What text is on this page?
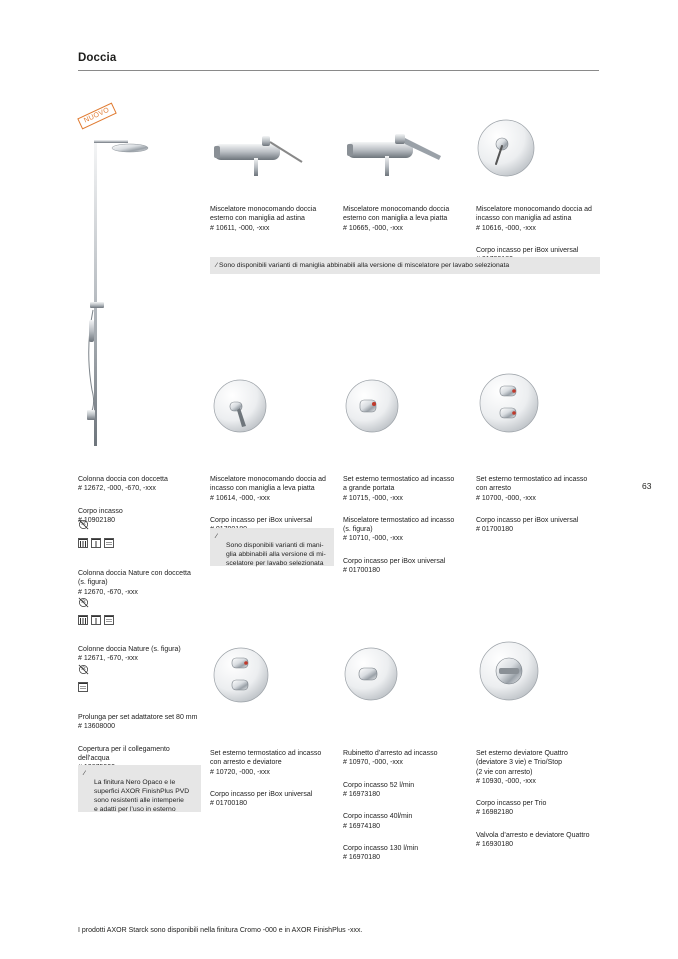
Doccia
NUOVO

Miscelatore monocomando doccia
esterno con maniglia ad astina
# 10611, -000, -xxx

Miscelatore monocomando doccia
esterno con maniglia a leva piatta
# 10665, -000, -xxx

Miscelatore monocomando doccia ad
incasso con maniglia ad astina
# 10616, -000, -xxx

Corpo incasso per iBox universal

⁄ Sono disponibili varianti di maniglia abbinabili alla versione di miscelatore per lavabo selezionata

Colonna doccia con doccetta
# 12672, -000, -670, -xxx

Corpo incasso
10902180

Colonna doccia Nature con doccetta
(s. figura)
# 12670, -670, -xxx

Colonne doccia Nature (s. figura)
# 12671, -670, -xxx

Prolunga per set adattatore set 80 mm
# 13608000

Copertura per il collegamento
dell’acqua

⁄
La finitura Nero Opaco e le
superfici AXOR FinishPlus PVD
sono resistenti alle intemperie
e adatti per l’uso in esterno

Miscelatore monocomando doccia ad
incasso con maniglia a leva piatta
# 10614, -000, -xxx

Corpo incasso per iBox universal

⁄
Sono disponibili varianti di mani-
glia abbinabili alla versione di mi-
scelatore per lavabo selezionata

Set esterno termostatico ad incasso
a grande portata
# 10715, -000, -xxx

Miscelatore termostatico ad incasso
(s. figura)
# 10710, -000, -xxx

Corpo incasso per iBox universal
# 01700180

Set esterno termostatico ad incasso
con arresto
# 10700, -000, -xxx

Corpo incasso per iBox universal
# 01700180

Set esterno termostatico ad incasso
con arresto e deviatore
# 10720, -000, -xxx

Corpo incasso per iBox universal
# 01700180

Rubinetto d’arresto ad incasso
# 10970, -000, -xxx

Corpo incasso 52 l/min
# 16973180

Corpo incasso 40l/min
# 16974180

Corpo incasso 130 l/min
# 16970180

Set esterno deviatore Quattro
(deviatore 3 vie) e Trio/Stop
(2 vie con arresto)
# 10930, -000, -xxx

Corpo incasso per Trio
# 16982180

Valvola d’arresto e deviatore Quattro
# 16930180

63
I prodotti AXOR Starck sono disponibili nella finitura Cromo -000 e in AXOR FinishPlus -xxx.
